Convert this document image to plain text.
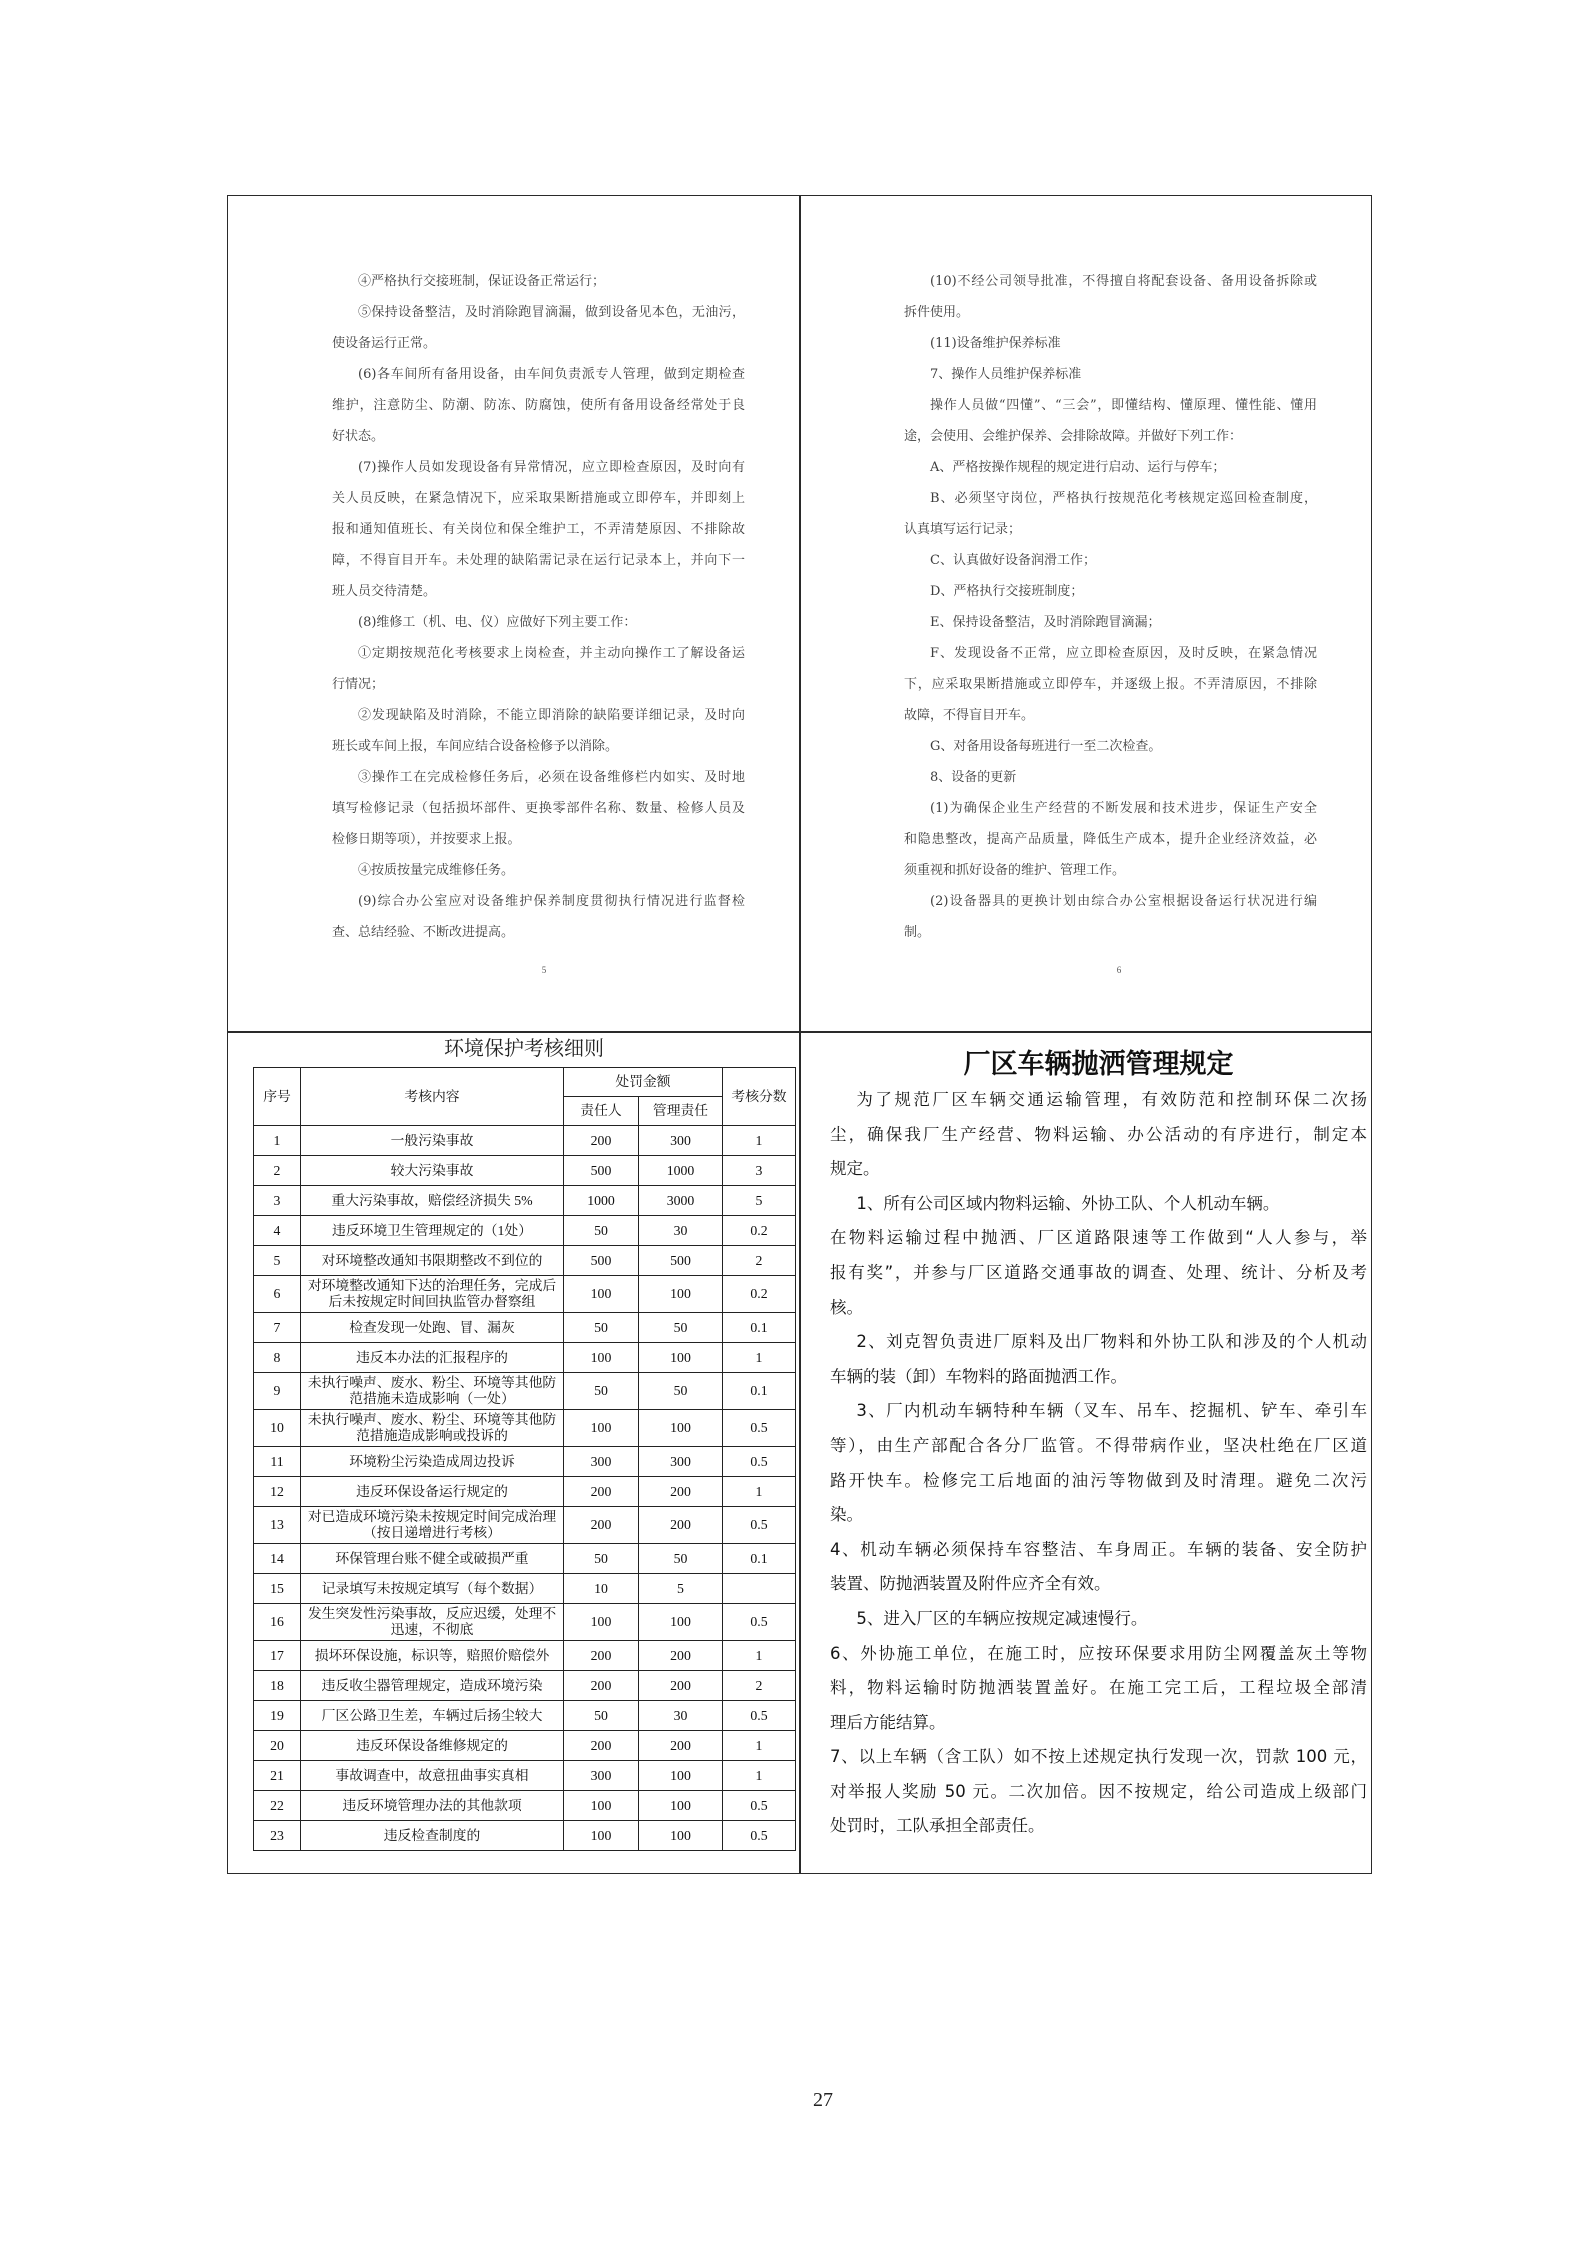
④严格执行交接班制，保证设备正常运行；
⑤保持设备整洁，及时消除跑冒滴漏，做到设备见本色，无油污，
使设备运行正常。
(6)各车间所有备用设备，由车间负责派专人管理，做到定期检查
维护，注意防尘、防潮、防冻、防腐蚀，使所有备用设备经常处于良
好状态。
(7)操作人员如发现设备有异常情况，应立即检查原因，及时向有
关人员反映，在紧急情况下，应采取果断措施或立即停车，并即刻上
报和通知值班长、有关岗位和保全维护工，不弄清楚原因、不排除故
障，不得盲目开车。未处理的缺陷需记录在运行记录本上，并向下一
班人员交待清楚。
(8)维修工（机、电、仪）应做好下列主要工作：
①定期按规范化考核要求上岗检查，并主动向操作工了解设备运
行情况；
②发现缺陷及时消除，不能立即消除的缺陷要详细记录，及时向
班长或车间上报，车间应结合设备检修予以消除。
③操作工在完成检修任务后，必须在设备维修栏内如实、及时地
填写检修记录（包括损坏部件、更换零部件名称、数量、检修人员及
检修日期等项），并按要求上报。
④按质按量完成维修任务。
(9)综合办公室应对设备维护保养制度贯彻执行情况进行监督检
查、总结经验、不断改进提高。
5
(10)不经公司领导批准，不得擅自将配套设备、备用设备拆除或
拆件使用。
(11)设备维护保养标准
7、操作人员维护保养标准
操作人员做“四懂”、“三会”，即懂结构、懂原理、懂性能、懂用
途，会使用、会维护保养、会排除故障。并做好下列工作：
A、严格按操作规程的规定进行启动、运行与停车；
B、必须坚守岗位，严格执行按规范化考核规定巡回检查制度，
认真填写运行记录；
C、认真做好设备润滑工作；
D、严格执行交接班制度；
E、保持设备整洁，及时消除跑冒滴漏；
F、发现设备不正常，应立即检查原因，及时反映，在紧急情况
下，应采取果断措施或立即停车，并逐级上报。不弄清原因，不排除
故障，不得盲目开车。
G、对备用设备每班进行一至二次检查。
8、设备的更新
(1)为确保企业生产经营的不断发展和技术进步，保证生产安全
和隐患整改，提高产品质量，降低生产成本，提升企业经济效益，必
须重视和抓好设备的维护、管理工作。
(2)设备器具的更换计划由综合办公室根据设备运行状况进行编
制。
6
环境保护考核细则
序号	考核内容	处罚金额		考核分数
		责任人	管理责任	
1	一般污染事故	200	300	1
2	较大污染事故	500	1000	3
3	重大污染事故，赔偿经济损失 5%	1000	3000	5
4	违反环境卫生管理规定的（1处）	50	30	0.2
5	对环境整改通知书限期整改不到位的	500	500	2
6	对环境整改通知下达的治理任务，完成后后未按规定时间回执监管办督察组	100	100	0.2
7	检查发现一处跑、冒、漏灰	50	50	0.1
8	违反本办法的汇报程序的	100	100	1
9	未执行噪声、废水、粉尘、环境等其他防范措施未造成影响（一处）	50	50	0.1
10	未执行噪声、废水、粉尘、环境等其他防范措施造成影响或投诉的	100	100	0.5
11	环境粉尘污染造成周边投诉	300	300	0.5
12	违反环保设备运行规定的	200	200	1
13	对已造成环境污染未按规定时间完成治理（按日递增进行考核）	200	200	0.5
14	环保管理台账不健全或破损严重	50	50	0.1
15	记录填写未按规定填写（每个数据）	10	5	
16	发生突发性污染事故，反应迟缓，处理不迅速，不彻底	100	100	0.5
17	损坏环保设施，标识等，赔照价赔偿外	200	200	1
18	违反收尘器管理规定，造成环境污染	200	200	2
19	厂区公路卫生差，车辆过后扬尘较大	50	30	0.5
20	违反环保设备维修规定的	200	200	1
21	事故调查中，故意扭曲事实真相	300	100	1
22	违反环境管理办法的其他款项	100	100	0.5
23	违反检查制度的	100	100	0.5
厂区车辆抛洒管理规定
为了规范厂区车辆交通运输管理，有效防范和控制环保二次扬
尘，确保我厂生产经营、物料运输、办公活动的有序进行，制定本
规定。
1、所有公司区域内物料运输、外协工队、个人机动车辆。
在物料运输过程中抛洒、厂区道路限速等工作做到“人人参与，举
报有奖”，并参与厂区道路交通事故的调查、处理、统计、分析及考
核。
2、刘克智负责进厂原料及出厂物料和外协工队和涉及的个人机动
车辆的装（卸）车物料的路面抛洒工作。
3、厂内机动车辆特种车辆（叉车、吊车、挖掘机、铲车、牵引车
等），由生产部配合各分厂监管。不得带病作业，坚决杜绝在厂区道
路开快车。检修完工后地面的油污等物做到及时清理。避免二次污
染。
4、机动车辆必须保持车容整洁、车身周正。车辆的装备、安全防护
装置、防抛洒装置及附件应齐全有效。
5、进入厂区的车辆应按规定减速慢行。
6、外协施工单位，在施工时，应按环保要求用防尘网覆盖灰土等物
料，物料运输时防抛洒装置盖好。在施工完工后，工程垃圾全部清
理后方能结算。
7、以上车辆（含工队）如不按上述规定执行发现一次，罚款 100 元，
对举报人奖励 50 元。二次加倍。因不按规定，给公司造成上级部门
处罚时，工队承担全部责任。
27
